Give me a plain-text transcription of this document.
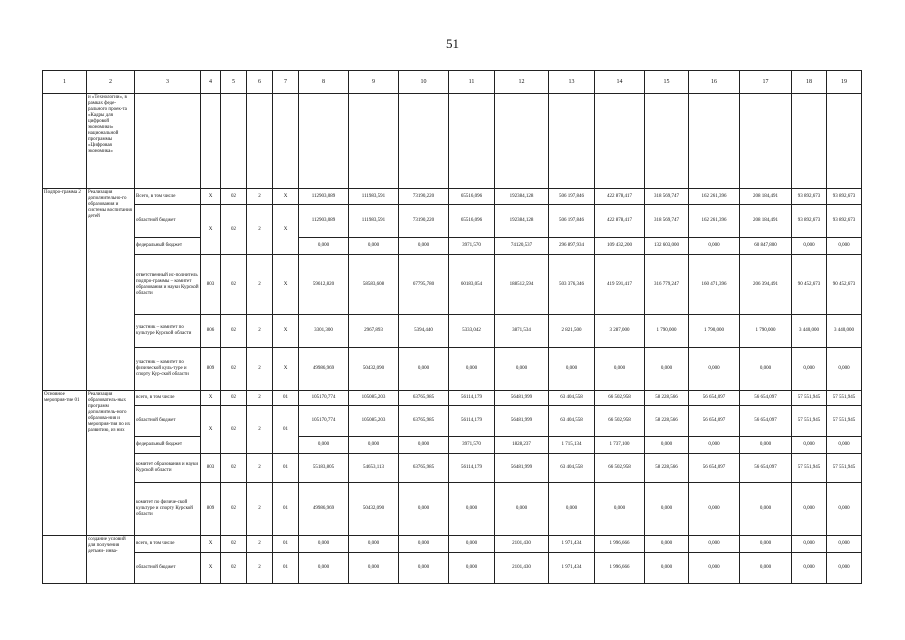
51
1	2	3	4	5	6	7	8	9	10	11	12	13	14	15	16	17	18	19
	и «Технологии», в рамках феде-рального проек-та «Кадры для цифровой экономики» национальной программы «Цифровая экономика»																	
Подпро-грамма 2	Реализация дополнительно-го образования и системы воспитания детей	Всего, в том числе	Х	02	2	Х	112903,089	111983,591	73190,220	65516,096	192384,128	506 197,846	422 878,417	318 569,747	162 261,396	208 184,491	93 892,673	93 892,673
		областной бюджет	Х	02	2	Х	112903,089	111983,591	73190,220	65516,096	192384,128	506 197,846	422 878,417	318 569,747	162 261,396	208 184,491	93 892,673	93 892,673
		федеральный бюджет					0,000	0,000	0,000	3971,570	74120,537	296 897,934	109 432,200	132 603,000	0,000	60 847,800	0,000	0,000
		ответственный ис-полнитель подпро-граммы – комитет образования и науки Курской области	803	02	2	Х	59612,820	58583,608	67795,780	60183,054	188512,594	503 376,346	419 591,417	316 779,247	160 471,396	206 394,491	90 452,673	90 452,673
		участник – комитет по культуре Курской области	806	02	2	Х	3301,300	2967,893	5394,440	5333,042	3871,534	2 821,500	3 287,000	1 790,000	1 790,000	1 790,000	3 440,000	3 440,000
		участник – комитет по физической куль-туре и спорту Кур-ской области	809	02	2	Х	49986,969	50432,090	0,000	0,000	0,000	0,000	0,000	0,000	0,000	0,000	0,000	0,000
Основное мероприя-тие 01	Реализация образователь-ных программ дополнитель-ного образова-ния и мероприя-тия по их развитию, из них	всего, в том числе	Х	02	2	01	105170,774	105085,203	63765,985	56114,179	56481,999	63 404,558	66 502,958	58 228,566	56 654,097	56 654,097	57 551,945	57 551,945
		областной бюджет	Х	02	2	01	105170,774	105085,203	63765,985	56114,179	56481,999	63 404,558	66 502,958	58 228,566	56 654,097	56 654,097	57 551,945	57 551,945
		федеральный бюджет					0,000	0,000	0,000	3971,570	1828,237	1 715,134	1 737,100	0,000	0,000	0,000	0,000	0,000
		комитет образования и науки Курской области	803	02	2	01	55183,805	54653,113	63765,985	56114,179	56481,999	63 404,558	66 502,958	58 228,566	56 654,097	56 654,097	57 551,945	57 551,945
		комитет по физиче-ской культуре и спорту Курской области	809	02	2	01	49986,969	50432,090	0,000	0,000	0,000	0,000	0,000	0,000	0,000	0,000	0,000	0,000
	создание условий для получения детьми- инва-	всего, в том числе	Х	02	2	01	0,000	0,000	0,000	0,000	2101,430	1 971,434	1 996,666	0,000	0,000	0,000	0,000	0,000
		областной бюджет	Х	02	2	01	0,000	0,000	0,000	0,000	2101,430	1 971,434	1 996,666	0,000	0,000	0,000	0,000	0,000
